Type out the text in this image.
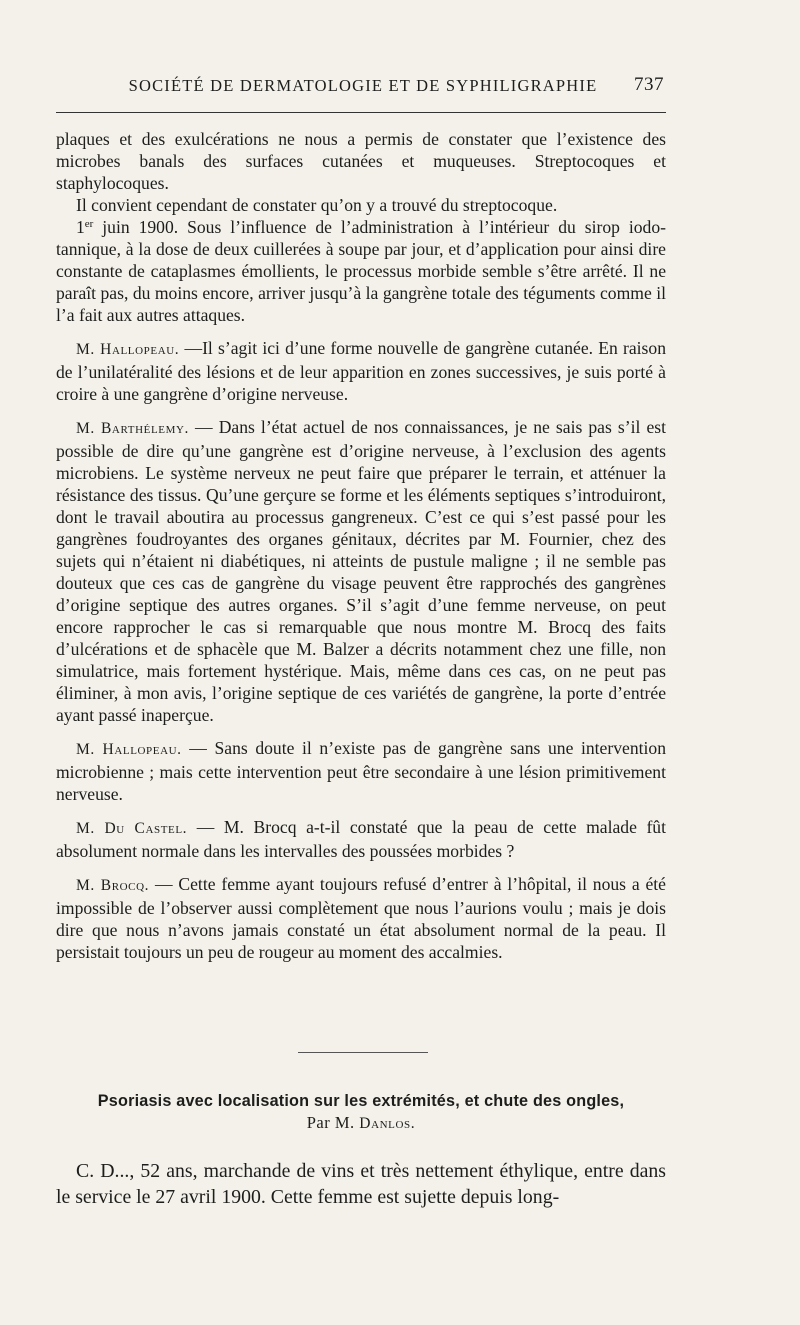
SOCIÉTÉ DE DERMATOLOGIE ET DE SYPHILIGRAPHIE	737

plaques et des exulcérations ne nous a permis de constater que l’existence des microbes banals des surfaces cutanées et muqueuses. Streptocoques et staphylocoques.

Il convient cependant de constater qu’on y a trouvé du streptocoque.

1er juin 1900. Sous l’influence de l’administration à l’intérieur du sirop iodo-tannique, à la dose de deux cuillerées à soupe par jour, et d’application pour ainsi dire constante de cataplasmes émollients, le processus morbide semble s’être arrêté. Il ne paraît pas, du moins encore, arriver jusqu’à la gangrène totale des téguments comme il l’a fait aux autres attaques.

M. Hallopeau. —Il s’agit ici d’une forme nouvelle de gangrène cutanée. En raison de l’unilatéralité des lésions et de leur apparition en zones successives, je suis porté à croire à une gangrène d’origine nerveuse.

M. Barthélemy. — Dans l’état actuel de nos connaissances, je ne sais pas s’il est possible de dire qu’une gangrène est d’origine nerveuse, à l’exclusion des agents microbiens. Le système nerveux ne peut faire que préparer le terrain, et atténuer la résistance des tissus. Qu’une gerçure se forme et les éléments septiques s’introduiront, dont le travail aboutira au processus gangreneux. C’est ce qui s’est passé pour les gangrènes foudroyantes des organes génitaux, décrites par M. Fournier, chez des sujets qui n’étaient ni diabétiques, ni atteints de pustule maligne ; il ne semble pas douteux que ces cas de gangrène du visage peuvent être rapprochés des gangrènes d’origine septique des autres organes. S’il s’agit d’une femme nerveuse, on peut encore rapprocher le cas si remarquable que nous montre M. Brocq des faits d’ulcérations et de sphacèle que M. Balzer a décrits notamment chez une fille, non simulatrice, mais fortement hystérique. Mais, même dans ces cas, on ne peut pas éliminer, à mon avis, l’origine septique de ces variétés de gangrène, la porte d’entrée ayant passé inaperçue.

M. Hallopeau. — Sans doute il n’existe pas de gangrène sans une intervention microbienne ; mais cette intervention peut être secondaire à une lésion primitivement nerveuse.

M. Du Castel. — M. Brocq a-t-il constaté que la peau de cette malade fût absolument normale dans les intervalles des poussées morbides ?

M. Brocq. — Cette femme ayant toujours refusé d’entrer à l’hôpital, il nous a été impossible de l’observer aussi complètement que nous l’aurions voulu ; mais je dois dire que nous n’avons jamais constaté un état absolument normal de la peau. Il persistait toujours un peu de rougeur au moment des accalmies.

Psoriasis avec localisation sur les extrémités, et chute des ongles,
Par M. Danlos.

C. D..., 52 ans, marchande de vins et très nettement éthylique, entre dans le service le 27 avril 1900. Cette femme est sujette depuis long-
